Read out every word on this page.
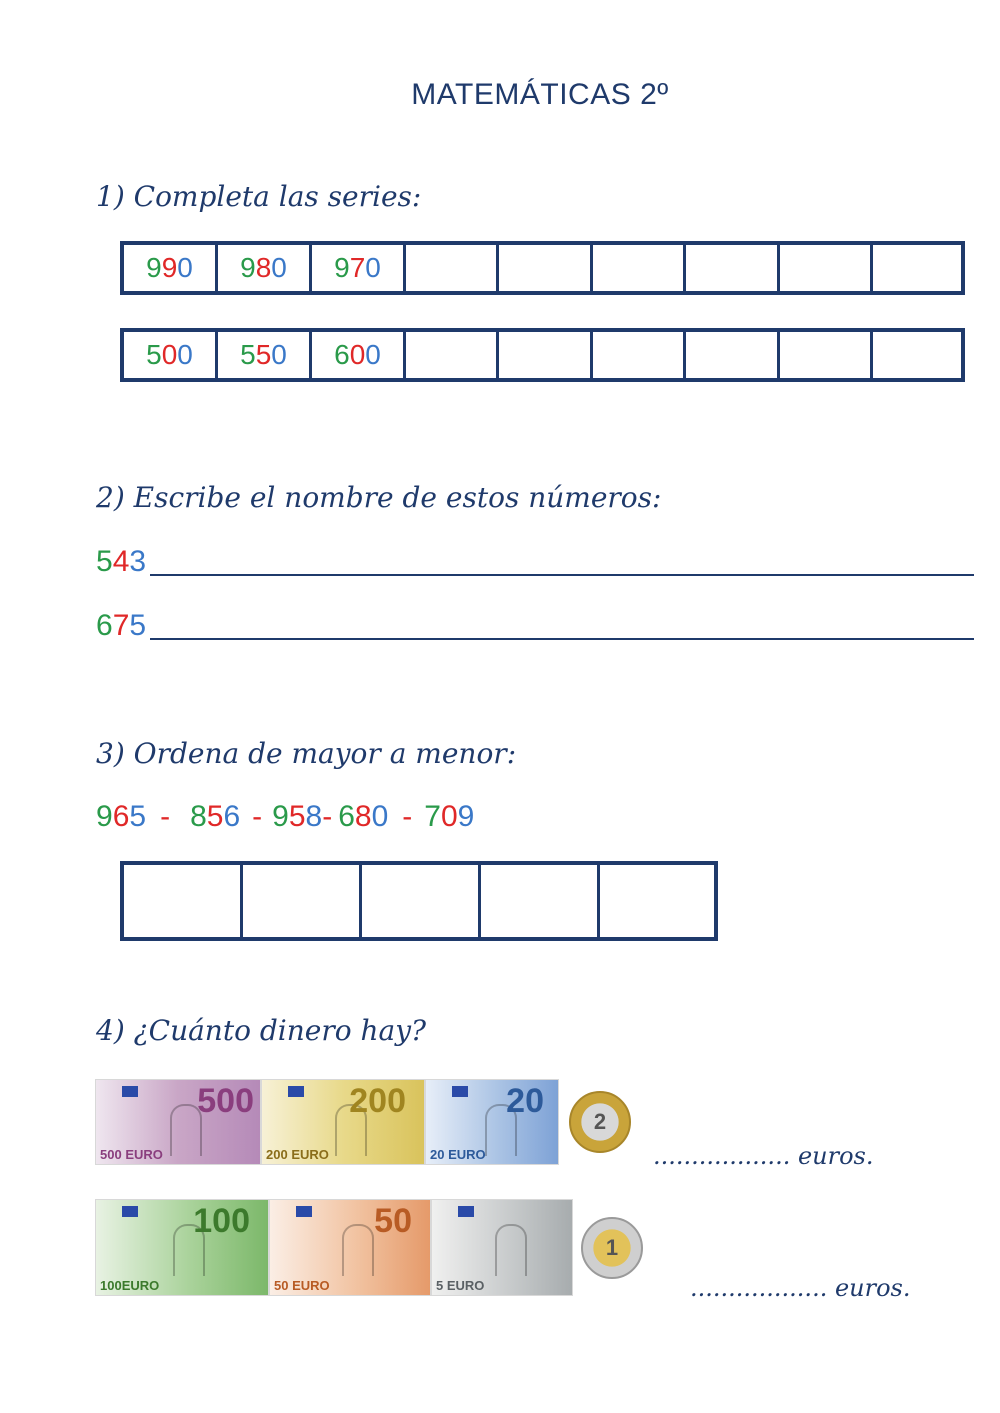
MATEMÁTICAS 2º
1) Completa las series:
9 9 0 9 8 0 9 7 0
5 0 0 5 5 0 6 0 0
2) Escribe el nombre de estos números:
543
675
3) Ordena de mayor a menor:
965 - 856 - 958 - 680 - 709
4) ¿Cuánto dinero hay?
500
500 EURO
200
200 EURO
20
20 EURO
2
.................. euros.
100
100EURO
50
50 EURO	5 EURO
1
.................. euros.
